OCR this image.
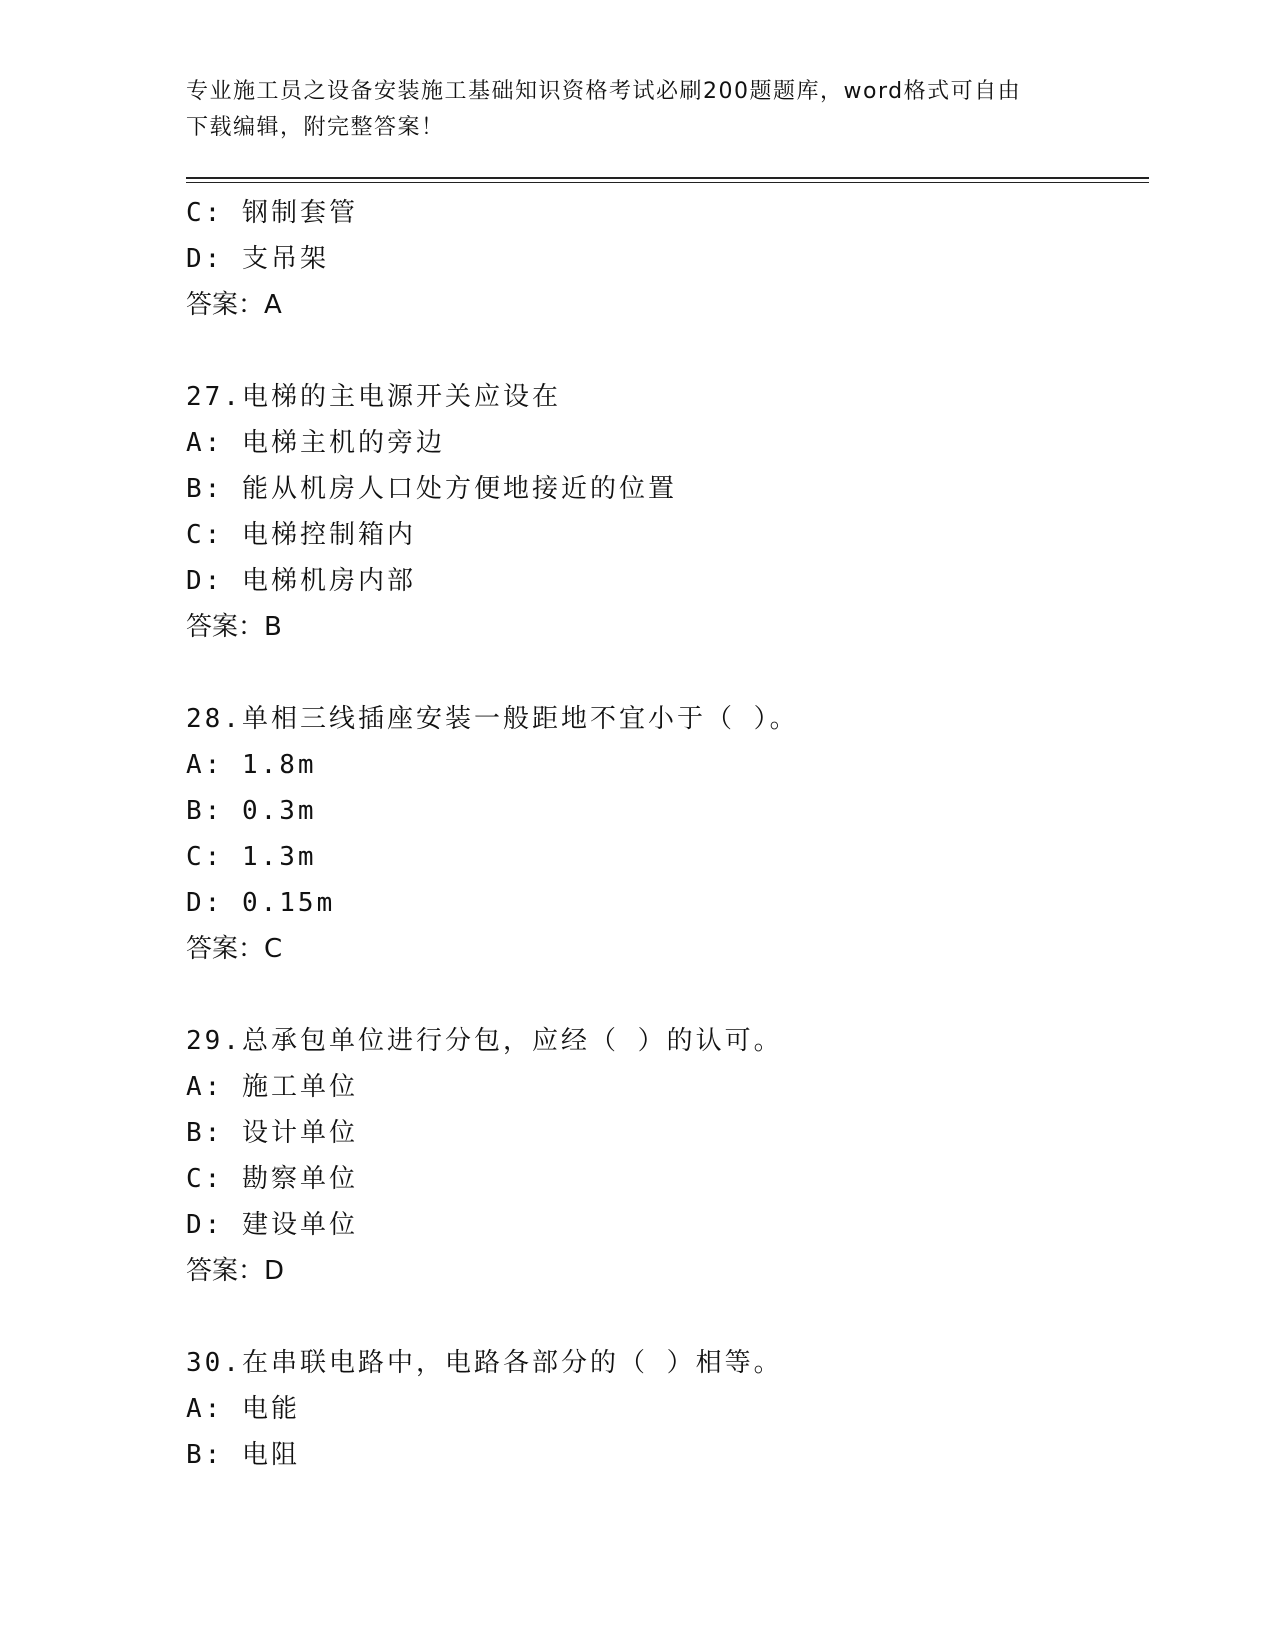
专业施工员之设备安装施工基础知识资格考试必刷200题题库，word格式可自由
下载编辑，附完整答案！
C: 钢制套管
D: 支吊架
答案：A
27.电梯的主电源开关应设在
A: 电梯主机的旁边
B: 能从机房人口处方便地接近的位置
C: 电梯控制箱内
D: 电梯机房内部
答案：B
28.单相三线插座安装一般距地不宜小于（ ）。
A: 1.8m
B: 0.3m
C: 1.3m
D: 0.15m
答案：C
29.总承包单位进行分包，应经（ ）的认可。
A: 施工单位
B: 设计单位
C: 勘察单位
D: 建设单位
答案：D
30.在串联电路中，电路各部分的（ ）相等。
A: 电能
B: 电阻
